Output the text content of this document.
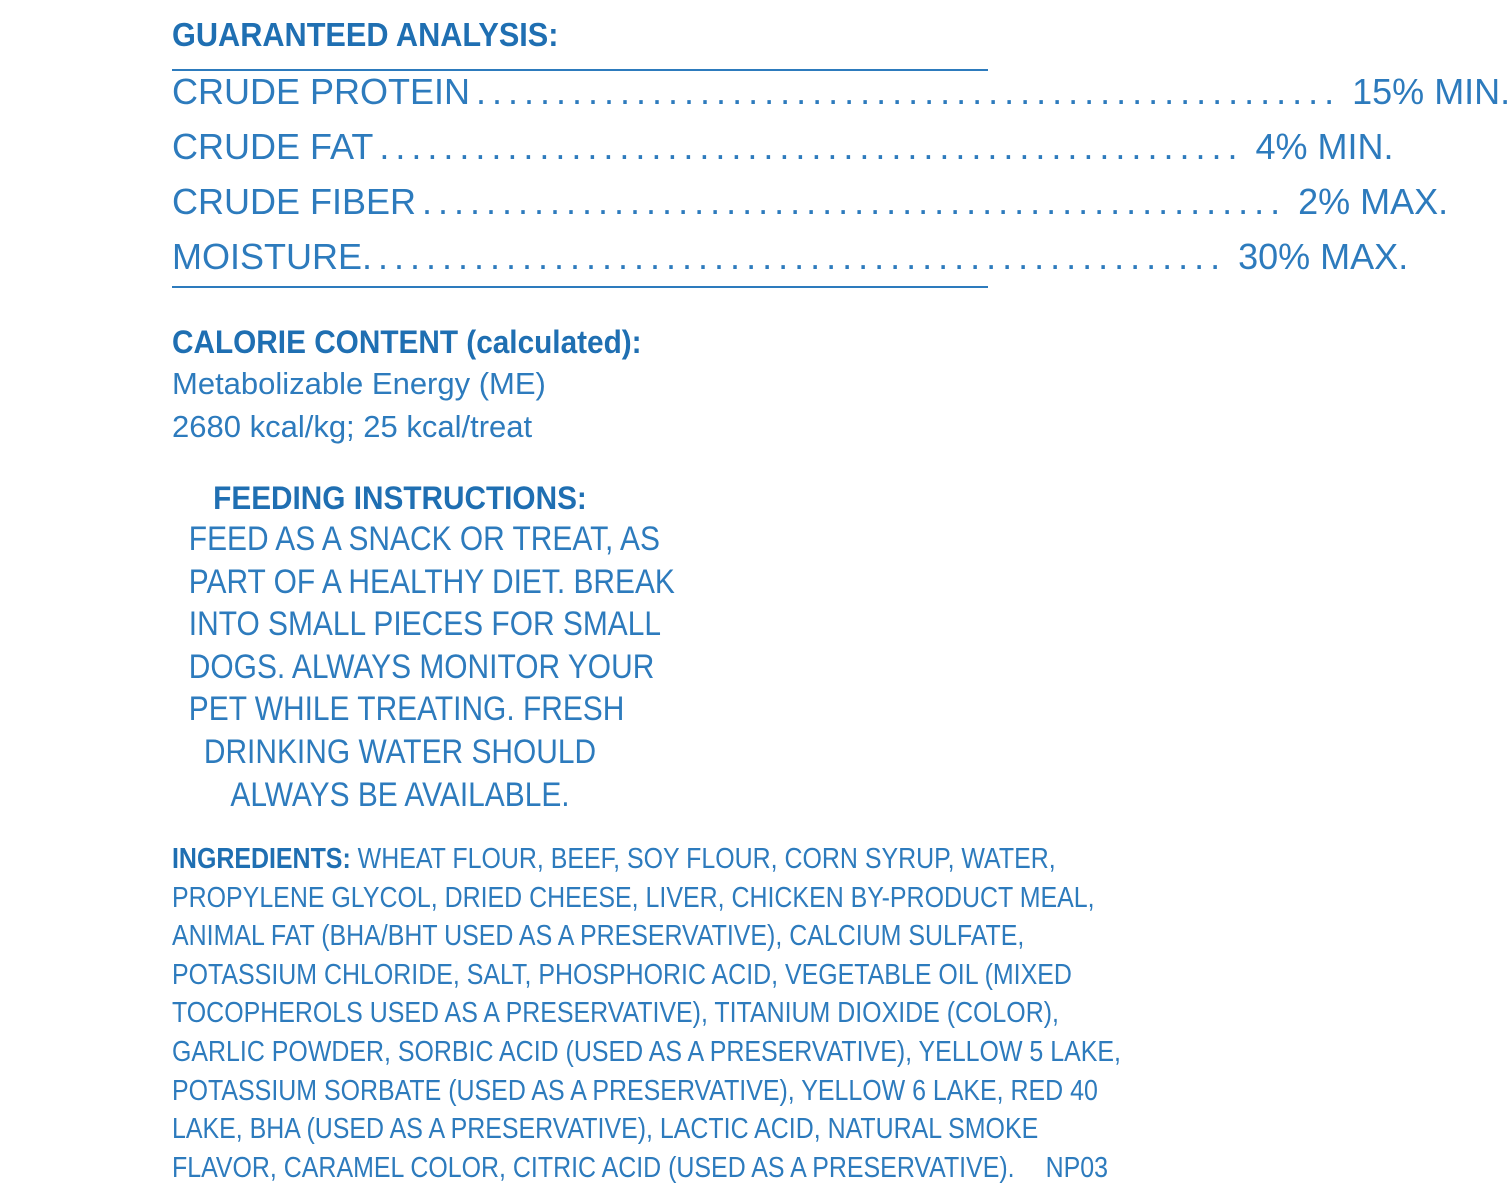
GUARANTEED ANALYSIS:
CRUDE PROTEIN ...................................................... 15% MIN.
CRUDE FAT ...................................................... 4% MIN.
CRUDE FIBER ...................................................... 2% MAX.
MOISTURE ...................................................... 30% MAX.
CALORIE CONTENT (calculated):
Metabolizable Energy (ME)
2680 kcal/kg; 25 kcal/treat
FEEDING INSTRUCTIONS:
FEED AS A SNACK OR TREAT, AS
PART OF A HEALTHY DIET. BREAK
INTO SMALL PIECES FOR SMALL
DOGS. ALWAYS MONITOR YOUR
PET WHILE TREATING. FRESH
DRINKING WATER SHOULD
ALWAYS BE AVAILABLE.
INGREDIENTS: WHEAT FLOUR, BEEF, SOY FLOUR, CORN SYRUP, WATER,
PROPYLENE GLYCOL, DRIED CHEESE, LIVER, CHICKEN BY-PRODUCT MEAL,
ANIMAL FAT (BHA/BHT USED AS A PRESERVATIVE), CALCIUM SULFATE,
POTASSIUM CHLORIDE, SALT, PHOSPHORIC ACID, VEGETABLE OIL (MIXED
TOCOPHEROLS USED AS A PRESERVATIVE), TITANIUM DIOXIDE (COLOR),
GARLIC POWDER, SORBIC ACID (USED AS A PRESERVATIVE), YELLOW 5 LAKE,
POTASSIUM SORBATE (USED AS A PRESERVATIVE), YELLOW 6 LAKE, RED 40
LAKE, BHA (USED AS A PRESERVATIVE), LACTIC ACID, NATURAL SMOKE
FLAVOR, CARAMEL COLOR, CITRIC ACID (USED AS A PRESERVATIVE). NP03
